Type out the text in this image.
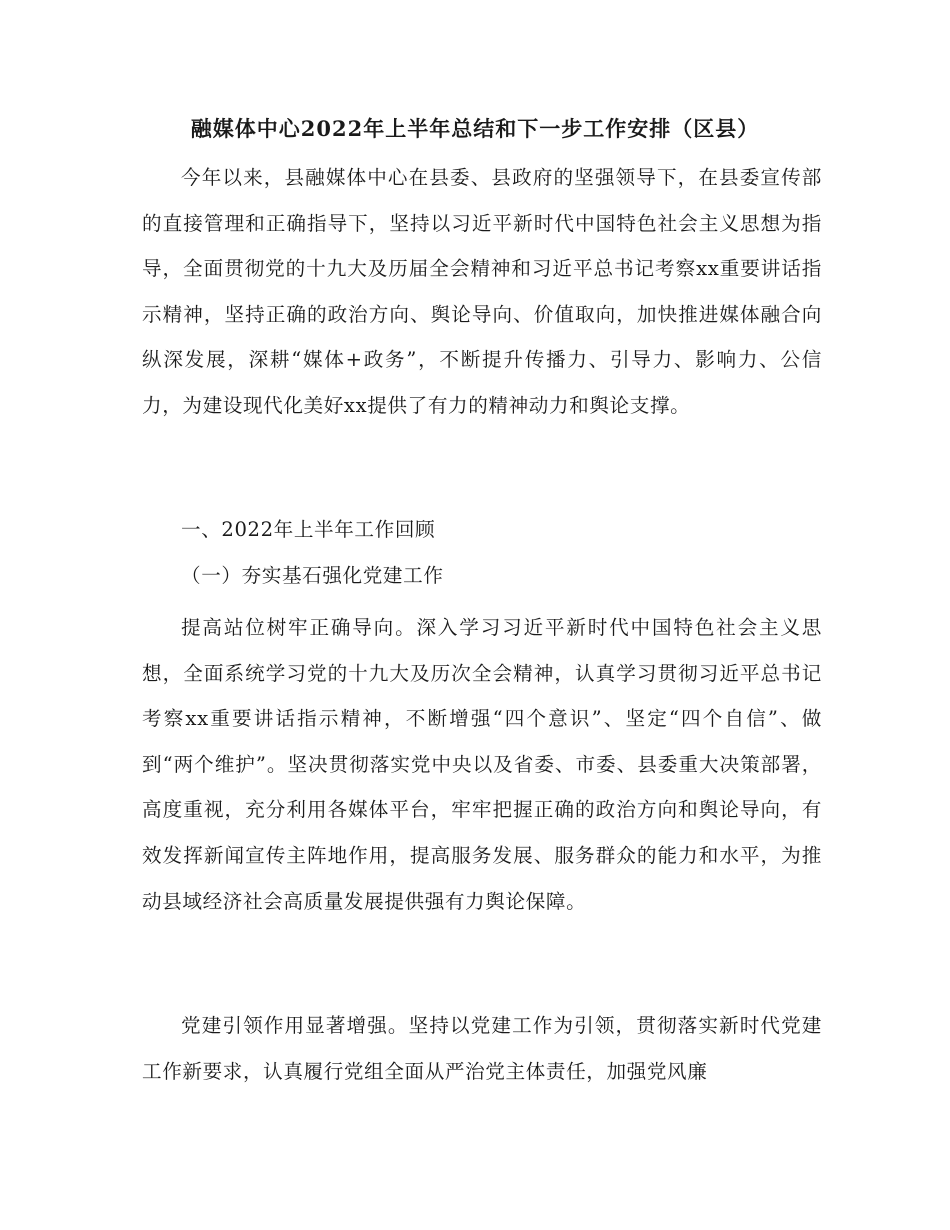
融媒体中心2022年上半年总结和下一步工作安排（区县）

今年以来，县融媒体中心在县委、县政府的坚强领导下，在县委宣传部的直接管理和正确指导下，坚持以习近平新时代中国特色社会主义思想为指导，全面贯彻党的十九大及历届全会精神和习近平总书记考察xx重要讲话指示精神，坚持正确的政治方向、舆论导向、价值取向，加快推进媒体融合向纵深发展，深耕“媒体+政务”，不断提升传播力、引导力、影响力、公信力，为建设现代化美好xx提供了有力的精神动力和舆论支撑。

一、2022年上半年工作回顾

（一）夯实基石强化党建工作

提高站位树牢正确导向。深入学习习近平新时代中国特色社会主义思想，全面系统学习党的十九大及历次全会精神，认真学习贯彻习近平总书记考察xx重要讲话指示精神，不断增强“四个意识”、坚定“四个自信”、做到“两个维护”。坚决贯彻落实党中央以及省委、市委、县委重大决策部署，高度重视，充分利用各媒体平台，牢牢把握正确的政治方向和舆论导向，有效发挥新闻宣传主阵地作用，提高服务发展、服务群众的能力和水平，为推动县域经济社会高质量发展提供强有力舆论保障。

党建引领作用显著增强。坚持以党建工作为引领，贯彻落实新时代党建工作新要求，认真履行党组全面从严治党主体责任，加强党风廉
